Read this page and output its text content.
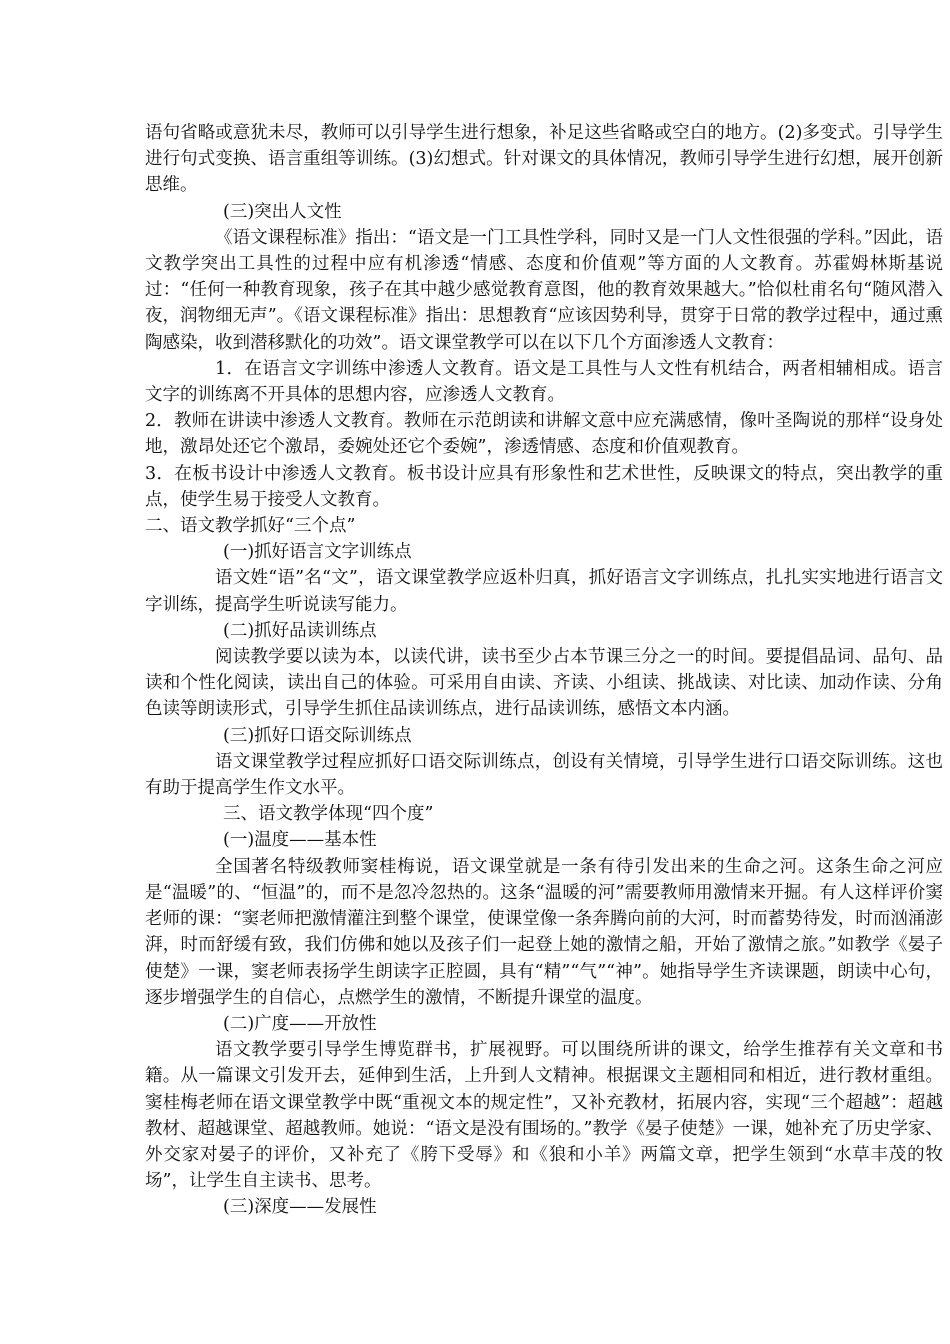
语句省略或意犹未尽，教师可以引导学生进行想象，补足这些省略或空白的地方。(2)多变式。引导学生进行句式变换、语言重组等训练。(3)幻想式。针对课文的具体情况，教师引导学生进行幻想，展开创新思维。

(三)突出人文性

《语文课程标准》指出：“语文是一门工具性学科，同时又是一门人文性很强的学科。”因此，语文教学突出工具性的过程中应有机渗透“情感、态度和价值观”等方面的人文教育。苏霍姆林斯基说过：“任何一种教育现象，孩子在其中越少感觉教育意图，他的教育效果越大。”恰似杜甫名句“随风潜入夜，润物细无声”。《语文课程标准》指出：思想教育“应该因势利导，贯穿于日常的教学过程中，通过熏陶感染，收到潜移默化的功效”。语文课堂教学可以在以下几个方面渗透人文教育：

1．在语言文字训练中渗透人文教育。语文是工具性与人文性有机结合，两者相辅相成。语言文字的训练离不开具体的思想内容，应渗透人文教育。

2．教师在讲读中渗透人文教育。教师在示范朗读和讲解文意中应充满感情，像叶圣陶说的那样“设身处地，激昂处还它个激昂，委婉处还它个委婉”，渗透情感、态度和价值观教育。

3．在板书设计中渗透人文教育。板书设计应具有形象性和艺术世性，反映课文的特点，突出教学的重点，使学生易于接受人文教育。

二、语文教学抓好“三个点”

(一)抓好语言文字训练点

语文姓“语”名“文”，语文课堂教学应返朴归真，抓好语言文字训练点，扎扎实实地进行语言文字训练，提高学生听说读写能力。

(二)抓好品读训练点

阅读教学要以读为本，以读代讲，读书至少占本节课三分之一的时间。要提倡品词、品句、品读和个性化阅读，读出自己的体验。可采用自由读、齐读、小组读、挑战读、对比读、加动作读、分角色读等朗读形式，引导学生抓住品读训练点，进行品读训练，感悟文本内涵。

(三)抓好口语交际训练点

语文课堂教学过程应抓好口语交际训练点，创设有关情境，引导学生进行口语交际训练。这也有助于提高学生作文水平。

三、语文教学体现“四个度”

(一)温度——基本性

全国著名特级教师窦桂梅说，语文课堂就是一条有待引发出来的生命之河。这条生命之河应是“温暖”的、“恒温”的，而不是忽冷忽热的。这条“温暖的河”需要教师用激情来开掘。有人这样评价窦老师的课：“窦老师把激情灌注到整个课堂，使课堂像一条奔腾向前的大河，时而蓄势待发，时而汹涌澎湃，时而舒缓有致，我们仿佛和她以及孩子们一起登上她的激情之船，开始了激情之旅。”如教学《晏子使楚》一课，窦老师表扬学生朗读字正腔圆，具有“精”“气”“神”。她指导学生齐读课题，朗读中心句，逐步增强学生的自信心，点燃学生的激情，不断提升课堂的温度。

(二)广度——开放性

语文教学要引导学生博览群书，扩展视野。可以围绕所讲的课文，给学生推荐有关文章和书籍。从一篇课文引发开去，延伸到生活，上升到人文精神。根据课文主题相同和相近，进行教材重组。窦桂梅老师在语文课堂教学中既“重视文本的规定性”，又补充教材，拓展内容，实现“三个超越”：超越教材、超越课堂、超越教师。她说：“语文是没有围场的。”教学《晏子使楚》一课，她补充了历史学家、外交家对晏子的评价，又补充了《胯下受辱》和《狼和小羊》两篇文章，把学生领到“水草丰茂的牧场”，让学生自主读书、思考。

(三)深度——发展性
